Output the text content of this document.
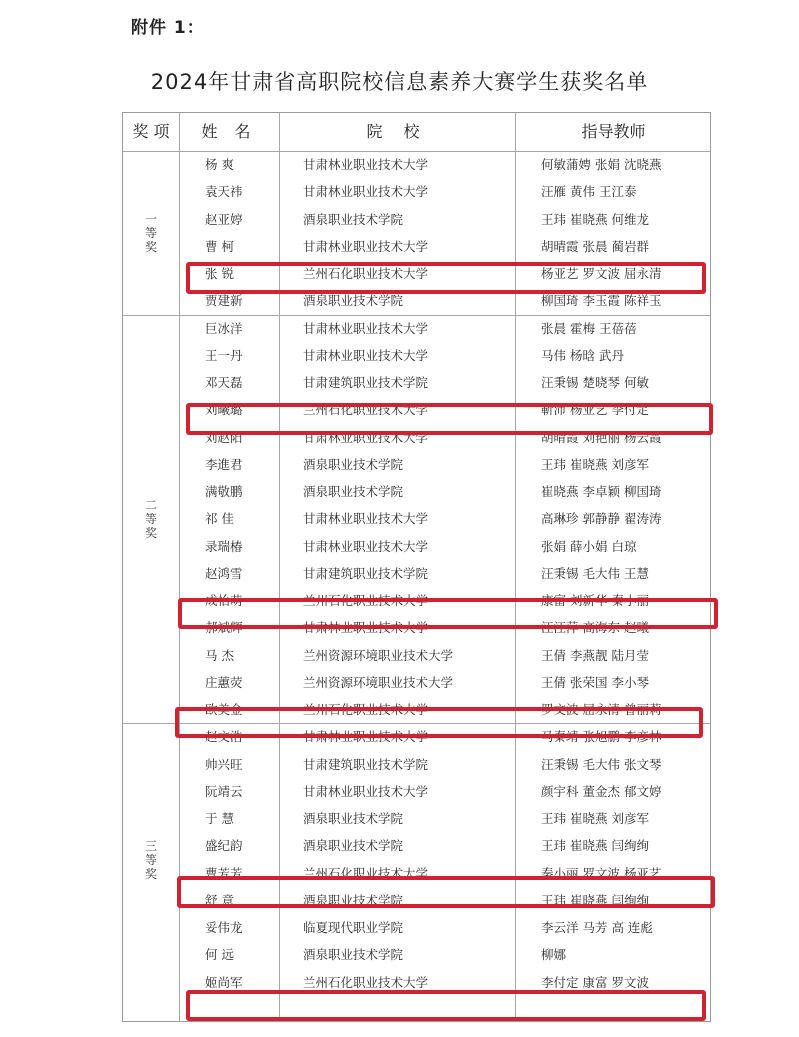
附件 1：
2024年甘肃省高职院校信息素养大赛学生获奖名单
奖 项	姓 名	院 校	指导教师
杨 爽	甘肃林业职业技术大学	何敏蒲娉 张娟 沈晓燕
袁天祎	甘肃林业职业技术大学	汪雁 黄伟 王江泰
赵亚婷	酒泉职业技术学院	王玮 崔晓燕 何维龙
曹 柯	甘肃林业职业技术大学	胡晴霞 张晨 蔺岩群
张 锐	兰州石化职业技术大学	杨亚艺 罗文波 屈永清
贾建新	酒泉职业技术学院	柳国琦 李玉霞 陈祥玉
一等奖
巨冰洋	甘肃林业职业技术大学	张晨 霍梅 王蓓蓓
王一丹	甘肃林业职业技术大学	马伟 杨晗 武丹
邓天磊	甘肃建筑职业技术学院	汪秉锡 楚晓琴 何敏
刘曦璐	兰州石化职业技术大学	靳沛 杨亚艺 李付定
刘赵阳	甘肃林业职业技术大学	胡晴霞 刘艳丽 杨云霞
李進君	酒泉职业技术学院	王玮 崔晓燕 刘彦军
满敬鹏	酒泉职业技术学院	崔晓燕 李卓颖 柳国琦
祁 佳	甘肃林业职业技术大学	高琳珍 郭静静 翟涛涛
录瑞椿	甘肃林业职业技术大学	张娟 薛小娟 白琼
赵鸿雪	甘肃建筑职业技术学院	汪秉锡 毛大伟 王慧
成怡萌	兰州石化职业技术大学	康富 刘新华 秦小丽
郝斌辉	甘肃林业职业技术大学	汪江萍 高海东 赵曦
马 杰	兰州资源环境职业技术大学	王倩 李燕靓 陆月莹
庄蕙荧	兰州资源环境职业技术大学	王倩 张荣国 李小琴
欧美金	兰州石化职业技术大学	罗文波 屈永清 曾丽莉
二等奖
赵文浩	甘肃林业职业技术大学	马秦靖 张旭鹏 李彦林
帅兴旺	甘肃建筑职业技术学院	汪秉锡 毛大伟 张文琴
阮靖云	甘肃林业职业技术大学	颜宇科 董金杰 郁文婷
于 慧	酒泉职业技术学院	王玮 崔晓燕 刘彦军
盛纪韵	酒泉职业技术学院	王玮 崔晓燕 闫绚绚
曹芳芳	兰州石化职业技术大学	秦小丽 罗文波 杨亚艺
舒 意	酒泉职业技术学院	王玮 崔晓燕 闫绚绚
妥伟龙	临夏现代职业学院	李云洋 马芳 高 连彪
何 远	酒泉职业技术学院	柳娜
姬尚军	兰州石化职业技术大学	李付定 康富 罗文波
三等奖
